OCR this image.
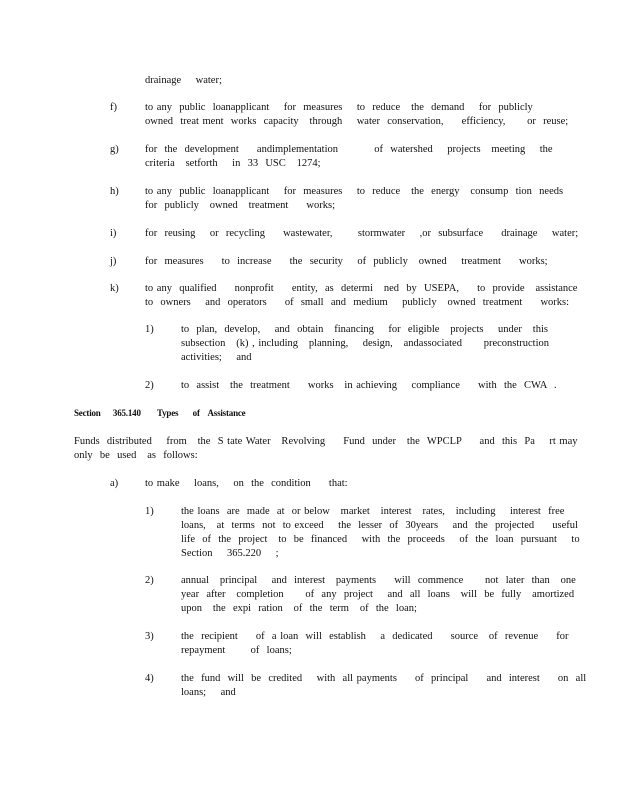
drainage    water;
f)	to any  public  loanapplicant    for  measures    to  reduce   the  demand    for  publicly
owned  treat ment  works  capacity   through    water  conservation,     efficiency,      or  reuse;
g)	for  the  development     andimplementation          of  watershed    projects   meeting    the
criteria   setforth    in  33  USC   1274;
h)	to any  public  loanapplicant    for  measures    to  reduce   the  energy   consump  tion  needs
for  publicly   owned   treatment     works;
i)	for  reusing    or  recycling     wastewater,       stormwater    ,or  subsurface     drainage    water;
j)	for  measures     to  increase     the  security    of  publicly   owned    treatment     works;
k)	to any  qualified     nonprofit     entity,  as  determi   ned  by  USEPA,     to  provide   assistance
to  owners    and  operators     of  small  and  medium    publicly   owned  treatment     works:
1)	to  plan,  develop,    and  obtain   financing    for  eligible   projects    under   this
subsection   (k) , including   planning,    design,   andassociated      preconstruction
activities;    and
2)	to  assist   the  treatment     works   in achieving    compliance     with  the  CWA  .
Section      365.140        Types       of    Assistance
Funds  distributed    from   the  S tate Water   Revolving     Fund  under   the  WPCLP     and  this  Pa    rt may
only  be  used   as  follows:
a)	to make    loans,    on  the  condition     that:
1)	the loans  are  made  at  or below   market   interest   rates,   including    interest  free
loans,   at  terms  not  to exceed    the  lesser  of  30years    and  the  projected     useful
life  of  the  project   to  be  financed    with  the  proceeds    of  the  loan  pursuant    to
Section    365.220    ;
2)	annual   principal    and  interest   payments     will  commence      not  later  than   one
year  after   completion      of  any  project    and  all  loans   will  be  fully   amortized
upon   the  expi  ration   of  the  term   of  the  loan;
3)	the  recipient     of  a loan  will  establish    a  dedicated     source   of  revenue     for
repayment       of  loans;
4)	the  fund  will  be  credited    with  all payments     of  principal     and  interest     on  all
loans;    and
